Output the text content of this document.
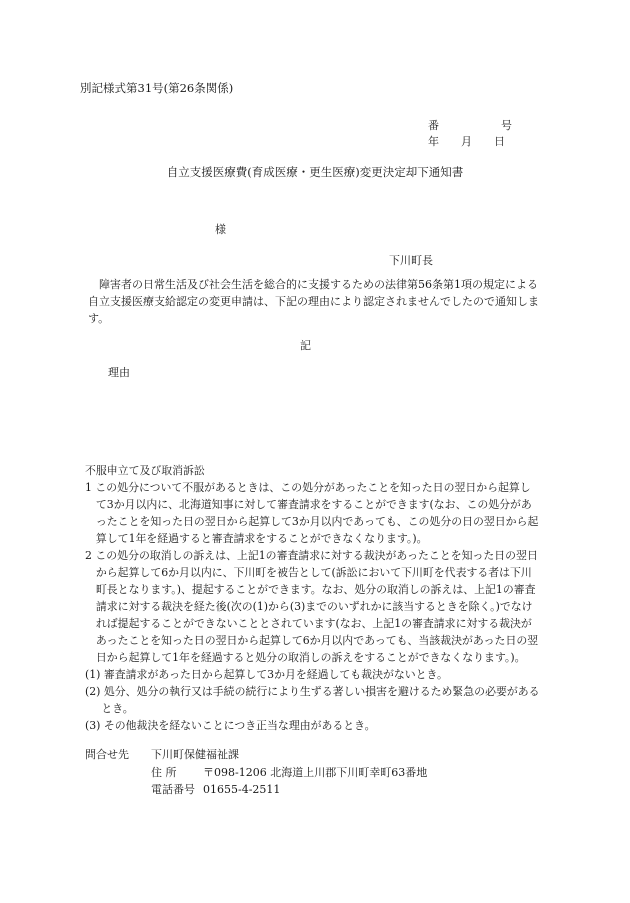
別記様式第31号(第26条関係)
番	号
年 月 日
自立支援医療費(育成医療・更生医療)変更決定却下通知書
様
下川町長

障害者の日常生活及び社会生活を総合的に支援するための法律第56条第1項の規定による自立支援医療支給認定の変更申請は、下記の理由により認定されませんでしたので通知します。

記
理由

不服申立て及び取消訴訟

1 この処分について不服があるときは、この処分があったことを知った日の翌日から起算して3か月以内に、北海道知事に対して審査請求をすることができます(なお、この処分があったことを知った日の翌日から起算して3か月以内であっても、この処分の日の翌日から起算して1年を経過すると審査請求をすることができなくなります。)。

2 この処分の取消しの訴えは、上記1の審査請求に対する裁決があったことを知った日の翌日から起算して6か月以内に、下川町を被告として(訴訟において下川町を代表する者は下川町長となります。)、提起することができます。なお、処分の取消しの訴えは、上記1の審査請求に対する裁決を経た後(次の(1)から(3)までのいずれかに該当するときを除く。)でなければ提起することができないこととされています(なお、上記1の審査請求に対する裁決があったことを知った日の翌日から起算して6か月以内であっても、当該裁決があった日の翌日から起算して1年を経過すると処分の取消しの訴えをすることができなくなります。)。

(1) 審査請求があった日から起算して3か月を経過しても裁決がないとき。

(2) 処分、処分の執行又は手続の続行により生ずる著しい損害を避けるため緊急の必要があるとき。

(3) その他裁決を経ないことにつき正当な理由があるとき。

問合せ先 下川町保健福祉課
住 所 〒098-1206 北海道上川郡下川町幸町63番地
電話番号 01655-4-2511
